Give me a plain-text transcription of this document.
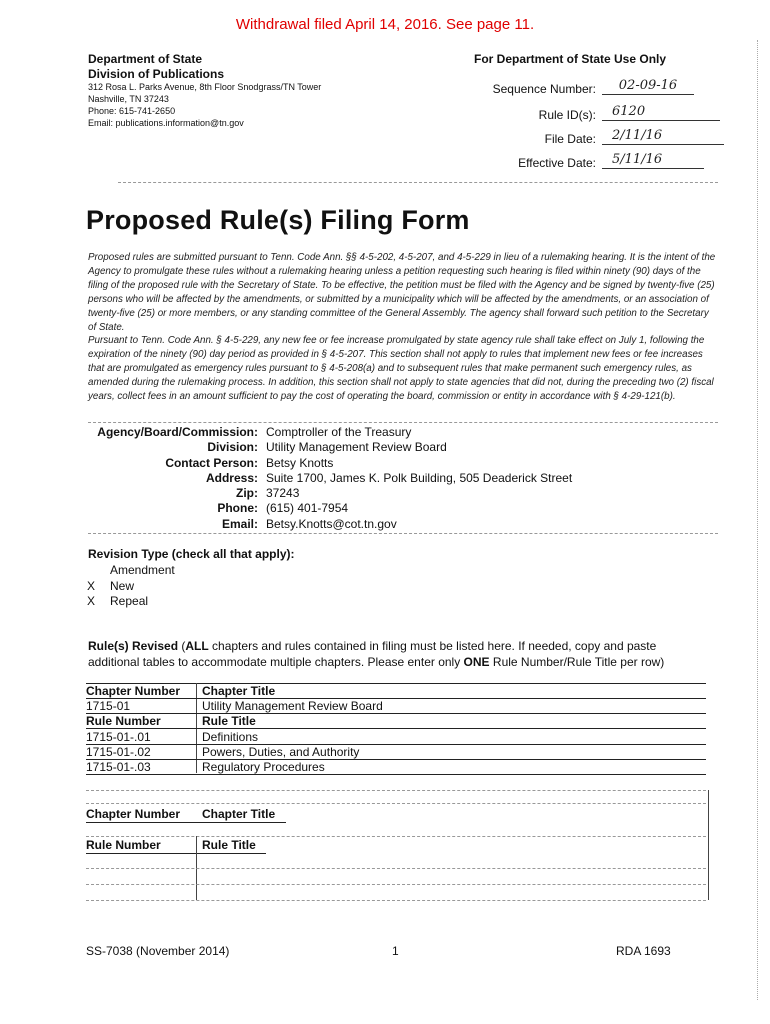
Withdrawal filed April 14, 2016. See page 11.
Department of State
Division of Publications
312 Rosa L. Parks Avenue, 8th Floor Snodgrass/TN Tower
Nashville, TN 37243
Phone: 615-741-2650
Email: publications.information@tn.gov
For Department of State Use Only
Sequence Number:	02-09-16
Rule ID(s):	6120
File Date:	2/11/16
Effective Date:	5/11/16
Proposed Rule(s) Filing Form
Proposed rules are submitted pursuant to Tenn. Code Ann. §§ 4-5-202, 4-5-207, and 4-5-229 in lieu of a rulemaking hearing. It is the intent of the Agency to promulgate these rules without a rulemaking hearing unless a petition requesting such hearing is filed within ninety (90) days of the filing of the proposed rule with the Secretary of State. To be effective, the petition must be filed with the Agency and be signed by twenty-five (25) persons who will be affected by the amendments, or submitted by a municipality which will be affected by the amendments, or an association of twenty-five (25) or more members, or any standing committee of the General Assembly. The agency shall forward such petition to the Secretary of State.
Pursuant to Tenn. Code Ann. § 4-5-229, any new fee or fee increase promulgated by state agency rule shall take effect on July 1, following the expiration of the ninety (90) day period as provided in § 4-5-207. This section shall not apply to rules that implement new fees or fee increases that are promulgated as emergency rules pursuant to § 4-5-208(a) and to subsequent rules that make permanent such emergency rules, as amended during the rulemaking process. In addition, this section shall not apply to state agencies that did not, during the preceding two (2) fiscal years, collect fees in an amount sufficient to pay the cost of operating the board, commission or entity in accordance with § 4-29-121(b).
Agency/Board/Commission: Comptroller of the Treasury
Division: Utility Management Review Board
Contact Person: Betsy Knotts
Address: Suite 1700, James K. Polk Building, 505 Deaderick Street
Zip: 37243
Phone: (615) 401-7954
Email: Betsy.Knotts@cot.tn.gov
Revision Type (check all that apply):
Amendment
X New
X Repeal
Rule(s) Revised (ALL chapters and rules contained in filing must be listed here. If needed, copy and paste
additional tables to accommodate multiple chapters. Please enter only ONE Rule Number/Rule Title per row)
Chapter Number Chapter Title
1715-01	Utility Management Review Board
Rule Number	Rule Title
1715-01-.01	Definitions
1715-01-.02	Powers, Duties, and Authority
1715-01-.03	Regulatory Procedures
Chapter Number Chapter Title
Rule Number	Rule Title
SS-7038 (November 2014)	1	RDA 1693
